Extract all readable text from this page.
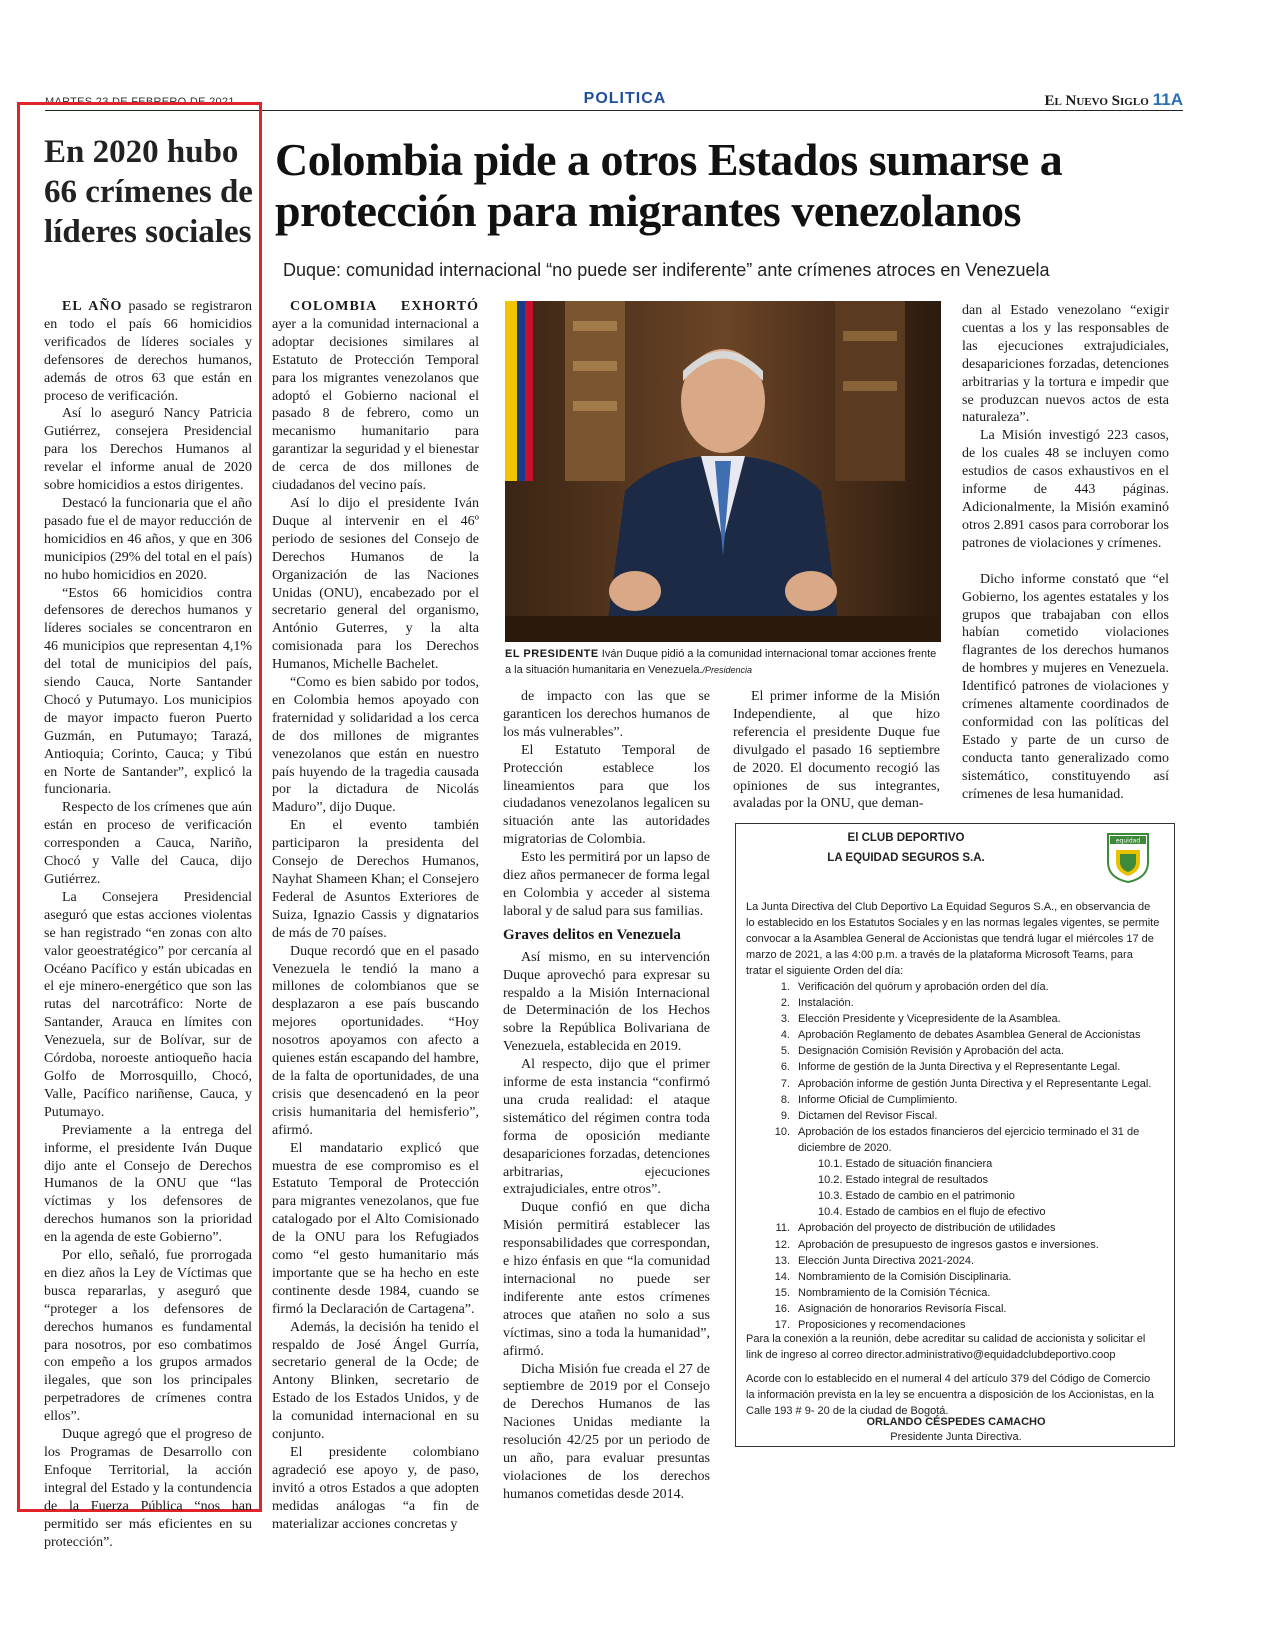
MARTES 23 DE FEBRERO DE 2021	POLITICA	El Nuevo Siglo 11A
En 2020 hubo 66 crímenes de líderes sociales

EL AÑO pasado se registraron en todo el país 66 homicidios verificados de líderes sociales y defensores de derechos humanos, además de otros 63 que están en proceso de verificación.

Así lo aseguró Nancy Patricia Gutiérrez, consejera Presidencial para los Derechos Humanos al revelar el informe anual de 2020 sobre homicidios a estos dirigentes.

Destacó la funcionaria que el año pasado fue el de mayor reducción de homicidios en 46 años, y que en 306 municipios (29% del total en el país) no hubo homicidios en 2020.

“Estos 66 homicidios contra defensores de derechos humanos y líderes sociales se concentraron en 46 municipios que representan 4,1% del total de municipios del país, siendo Cauca, Norte Santander Chocó y Putumayo. Los municipios de mayor impacto fueron Puerto Guzmán, en Putumayo; Tarazá, Antioquia; Corinto, Cauca; y Tibú en Norte de Santander”, explicó la funcionaria.

Respecto de los crímenes que aún están en proceso de verificación corresponden a Cauca, Nariño, Chocó y Valle del Cauca, dijo Gutiérrez.

La Consejera Presidencial aseguró que estas acciones violentas se han registrado “en zonas con alto valor geoestratégico” por cercanía al Océano Pacífico y están ubicadas en el eje minero-energético que son las rutas del narcotráfico: Norte de Santander, Arauca en límites con Venezuela, sur de Bolívar, sur de Córdoba, noroeste antioqueño hacia Golfo de Morrosquillo, Chocó, Valle, Pacífico nariñense, Cauca, y Putumayo.

Previamente a la entrega del informe, el presidente Iván Duque dijo ante el Consejo de Derechos Humanos de la ONU que “las víctimas y los defensores de derechos humanos son la prioridad en la agenda de este Gobierno”.

Por ello, señaló, fue prorrogada en diez años la Ley de Víctimas que busca repararlas, y aseguró que “proteger a los defensores de derechos humanos es fundamental para nosotros, por eso combatimos con empeño a los grupos armados ilegales, que son los principales perpetradores de crímenes contra ellos”.

Duque agregó que el progreso de los Programas de Desarrollo con Enfoque Territorial, la acción integral del Estado y la contundencia de la Fuerza Pública “nos han permitido ser más eficientes en su protección”.

Colombia pide a otros Estados sumarse a protección para migrantes venezolanos
Duque: comunidad internacional “no puede ser indiferente” ante crímenes atroces en Venezuela

COLOMBIA EXHORTÓ ayer a la comunidad internacional a adoptar decisiones similares al Estatuto de Protección Temporal para los migrantes venezolanos que adoptó el Gobierno nacional el pasado 8 de febrero, como un mecanismo humanitario para garantizar la seguridad y el bienestar de cerca de dos millones de ciudadanos del vecino país.

Así lo dijo el presidente Iván Duque al intervenir en el 46º periodo de sesiones del Consejo de Derechos Humanos de la Organización de las Naciones Unidas (ONU), encabezado por el secretario general del organismo, António Guterres, y la alta comisionada para los Derechos Humanos, Michelle Bachelet.

“Como es bien sabido por todos, en Colombia hemos apoyado con fraternidad y solidaridad a los cerca de dos millones de migrantes venezolanos que están en nuestro país huyendo de la tragedia causada por la dictadura de Nicolás Maduro”, dijo Duque.

En el evento también participaron la presidenta del Consejo de Derechos Humanos, Nayhat Shameen Khan; el Consejero Federal de Asuntos Exteriores de Suiza, Ignazio Cassis y dignatarios de más de 70 países.

Duque recordó que en el pasado Venezuela le tendió la mano a millones de colombianos que se desplazaron a ese país buscando mejores oportunidades. “Hoy nosotros apoyamos con afecto a quienes están escapando del hambre, de la falta de oportunidades, de una crisis que desencadenó en la peor crisis humanitaria del hemisferio”, afirmó.

El mandatario explicó que muestra de ese compromiso es el Estatuto Temporal de Protección para migrantes venezolanos, que fue catalogado por el Alto Comisionado de la ONU para los Refugiados como “el gesto humanitario más importante que se ha hecho en este continente desde 1984, cuando se firmó la Declaración de Cartagena”.

Además, la decisión ha tenido el respaldo de José Ángel Gurría, secretario general de la Ocde; de Antony Blinken, secretario de Estado de los Estados Unidos, y de la comunidad internacional en su conjunto.

El presidente colombiano agradeció ese apoyo y, de paso, invitó a otros Estados a que adopten medidas análogas “a fin de materializar acciones concretas y

EL PRESIDENTE Iván Duque pidió a la comunidad internacional tomar acciones frente a la situación humanitaria en Venezuela./Presidencia

de impacto con las que se garanticen los derechos humanos de los más vulnerables”.

El Estatuto Temporal de Protección establece los lineamientos para que los ciudadanos venezolanos legalicen su situación ante las autoridades migratorias de Colombia.

Esto les permitirá por un lapso de diez años permanecer de forma legal en Colombia y acceder al sistema laboral y de salud para sus familias.

Graves delitos en Venezuela

Así mismo, en su intervención Duque aprovechó para expresar su respaldo a la Misión Internacional de Determinación de los Hechos sobre la República Bolivariana de Venezuela, establecida en 2019.

Al respecto, dijo que el primer informe de esta instancia “confirmó una cruda realidad: el ataque sistemático del régimen contra toda forma de oposición mediante desapariciones forzadas, detenciones arbitrarias, ejecuciones extrajudiciales, entre otros”.

Duque confió en que dicha Misión permitirá establecer las responsabilidades que correspondan, e hizo énfasis en que “la comunidad internacional no puede ser indiferente ante estos crímenes atroces que atañen no solo a sus víctimas, sino a toda la humanidad”, afirmó.

Dicha Misión fue creada el 27 de septiembre de 2019 por el Consejo de Derechos Humanos de las Naciones Unidas mediante la resolución 42/25 por un periodo de un año, para evaluar presuntas violaciones de los derechos humanos cometidas desde 2014.

El primer informe de la Misión Independiente, al que hizo referencia el presidente Duque fue divulgado el pasado 16 septiembre de 2020. El documento recogió las opiniones de sus integrantes, avaladas por la ONU, que deman-

dan al Estado venezolano “exigir cuentas a los y las responsables de las ejecuciones extrajudiciales, desapariciones forzadas, detenciones arbitrarias y la tortura e impedir que se produzcan nuevos actos de esta naturaleza”.

La Misión investigó 223 casos, de los cuales 48 se incluyen como estudios de casos exhaustivos en el informe de 443 páginas. Adicionalmente, la Misión examinó otros 2.891 casos para corroborar los patrones de violaciones y crímenes.

Dicho informe constató que “el Gobierno, los agentes estatales y los grupos que trabajaban con ellos habían cometido violaciones flagrantes de los derechos humanos de hombres y mujeres en Venezuela. Identificó patrones de violaciones y crímenes altamente coordinados de conformidad con las políticas del Estado y parte de un curso de conducta tanto generalizado como sistemático, constituyendo así crímenes de lesa humanidad.

El CLUB DEPORTIVO
LA EQUIDAD SEGUROS S.A.
equidad
La Junta Directiva del Club Deportivo La Equidad Seguros S.A., en observancia de lo establecido en los Estatutos Sociales y en las normas legales vigentes, se permite convocar a la Asamblea General de Accionistas que tendrá lugar el miércoles 17 de marzo de 2021, a las 4:00 p.m. a través de la plataforma Microsoft Teams, para tratar el siguiente Orden del día:
1. Verificación del quórum y aprobación orden del día.
2. Instalación.
3. Elección Presidente y Vicepresidente de la Asamblea.
4. Aprobación Reglamento de debates Asamblea General de Accionistas
5. Designación Comisión Revisión y Aprobación del acta.
6. Informe de gestión de la Junta Directiva y el Representante Legal.
7. Aprobación informe de gestión Junta Directiva y el Representante Legal.
8. Informe Oficial de Cumplimiento.
9. Dictamen del Revisor Fiscal.
10. Aprobación de los estados financieros del ejercicio terminado el 31 de diciembre de 2020.
10.1. Estado de situación financiera
10.2. Estado integral de resultados
10.3. Estado de cambio en el patrimonio
10.4. Estado de cambios en el flujo de efectivo
11. Aprobación del proyecto de distribución de utilidades
12. Aprobación de presupuesto de ingresos gastos e inversiones.
13. Elección Junta Directiva 2021-2024.
14. Nombramiento de la Comisión Disciplinaria.
15. Nombramiento de la Comisión Técnica.
16. Asignación de honorarios Revisoría Fiscal.
17. Proposiciones y recomendaciones
Para la conexión a la reunión, debe acreditar su calidad de accionista y solicitar el link de ingreso al correo director.administrativo@equidadclubdeportivo.coop
Acorde con lo establecido en el numeral 4 del artículo 379 del Código de Comercio la información prevista en la ley se encuentra a disposición de los Accionistas, en la Calle 193 # 9- 20 de la ciudad de Bogotá.
ORLANDO CÉSPEDES CAMACHO
Presidente Junta Directiva.
